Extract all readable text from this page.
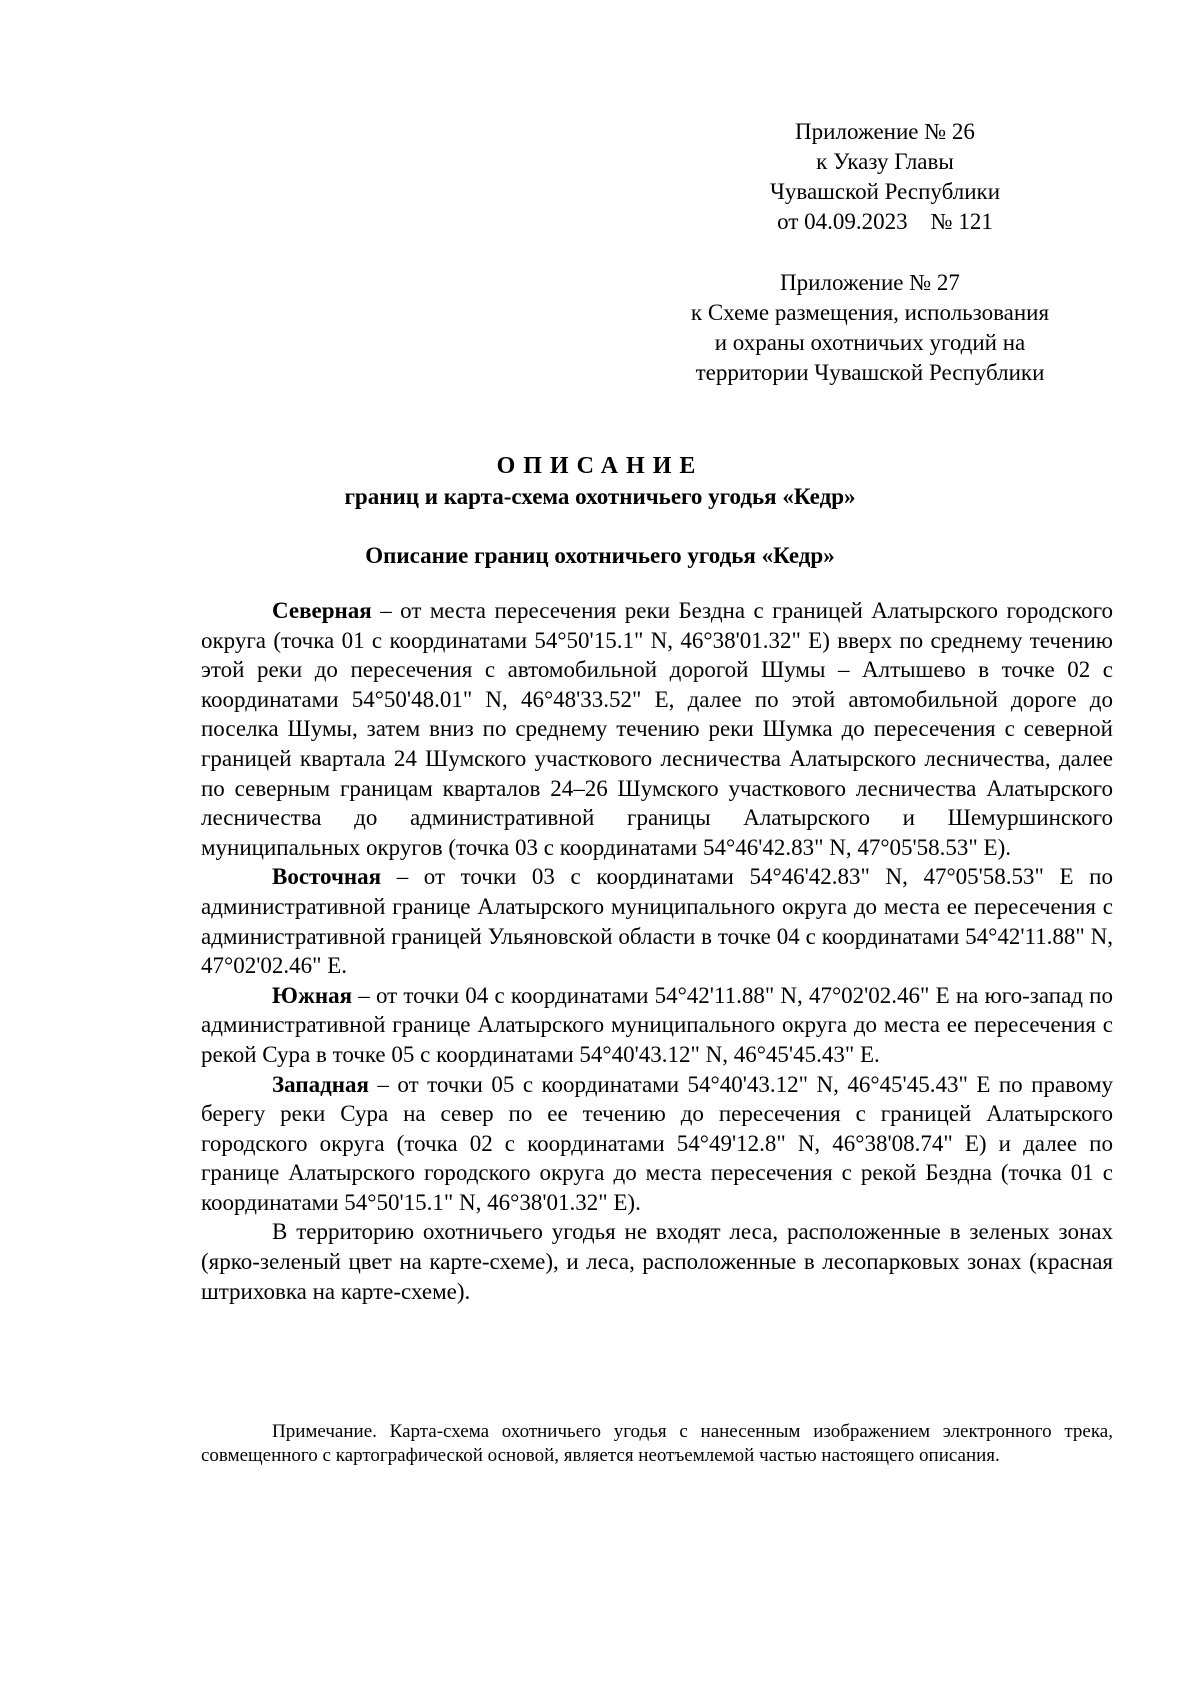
Приложение № 26
к Указу Главы
Чувашской Республики
от 04.09.2023    № 121
Приложение № 27
к Схеме размещения, использования
и охраны охотничьих угодий на
территории Чувашской Республики
ОПИСАНИЕ
границ и карта-схема охотничьего угодья «Кедр»
Описание границ охотничьего угодья «Кедр»

Северная – от места пересечения реки Бездна с границей Алатырского городского округа (точка 01 с координатами 54°50'15.1" N, 46°38'01.32" E) вверх по среднему течению этой реки до пересечения с автомобильной дорогой Шумы – Алтышево в точке 02 с координатами 54°50'48.01" N, 46°48'33.52" E, далее по этой автомобильной дороге до поселка Шумы, затем вниз по среднему течению реки Шумка до пересечения с северной границей квартала 24 Шумского участкового лесничества Алатырского лесничества, далее по северным границам кварталов 24–26 Шумского участкового лесничества Алатырского лесничества до административной границы Алатырского и Шемуршинского муниципальных округов (точка 03 с координатами 54°46'42.83" N, 47°05'58.53" E).

Восточная – от точки 03 с координатами 54°46'42.83" N, 47°05'58.53" E по административной границе Алатырского муниципального округа до места ее пересечения с административной границей Ульяновской области в точке 04 с координатами 54°42'11.88" N, 47°02'02.46" E.

Южная – от точки 04 с координатами 54°42'11.88" N, 47°02'02.46" E на юго-запад по административной границе Алатырского муниципального округа до места ее пересечения с рекой Сура в точке 05 с координатами 54°40'43.12" N, 46°45'45.43" E.

Западная – от точки 05 с координатами 54°40'43.12" N, 46°45'45.43" E по правому берегу реки Сура на север по ее течению до пересечения с границей Алатырского городского округа (точка 02 с координатами 54°49'12.8" N, 46°38'08.74" E) и далее по границе Алатырского городского округа до места пересечения с рекой Бездна (точка 01 с координатами 54°50'15.1" N, 46°38'01.32" E).

В территорию охотничьего угодья не входят леса, расположенные в зеленых зонах (ярко-зеленый цвет на карте-схеме), и леса, расположенные в лесопарковых зонах (красная штриховка на карте-схеме).

Примечание. Карта-схема охотничьего угодья с нанесенным изображением электронного трека, совмещенного с картографической основой, является неотъемлемой частью настоящего описания.
